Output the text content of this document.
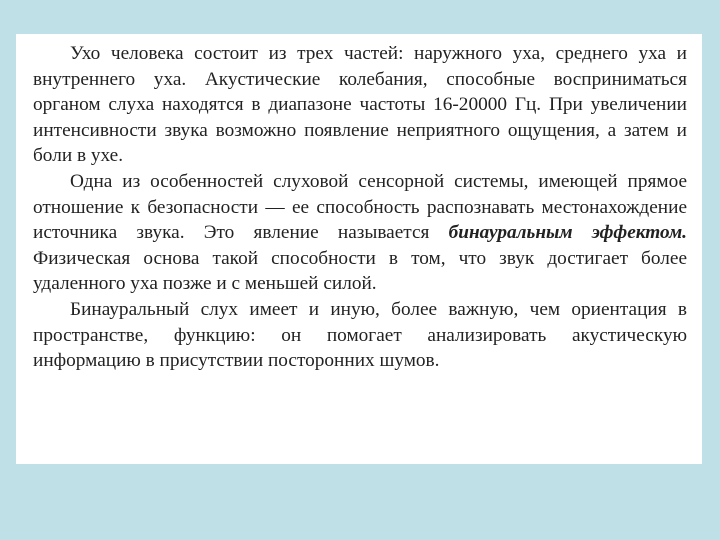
Ухо человека состоит из трех частей: наружного уха, среднего уха и внутреннего уха. Акустические колебания, способные восприниматься органом слуха находятся в диапазоне частоты 16-20000 Гц. При увеличении интенсивности звука возможно появление неприятного ощущения, а затем и боли в ухе.

Одна из особенностей слуховой сенсорной системы, имеющей прямое отношение к безопасности — ее способность распознавать местонахождение источника звука. Это явление называется бинауральным эффектом. Физическая основа такой способности в том, что звук достигает более удаленного уха позже и с меньшей силой.

Бинауральный слух имеет и иную, более важную, чем ориентация в пространстве, функцию: он помогает анализировать акустическую информацию в присутствии посторонних шумов.
